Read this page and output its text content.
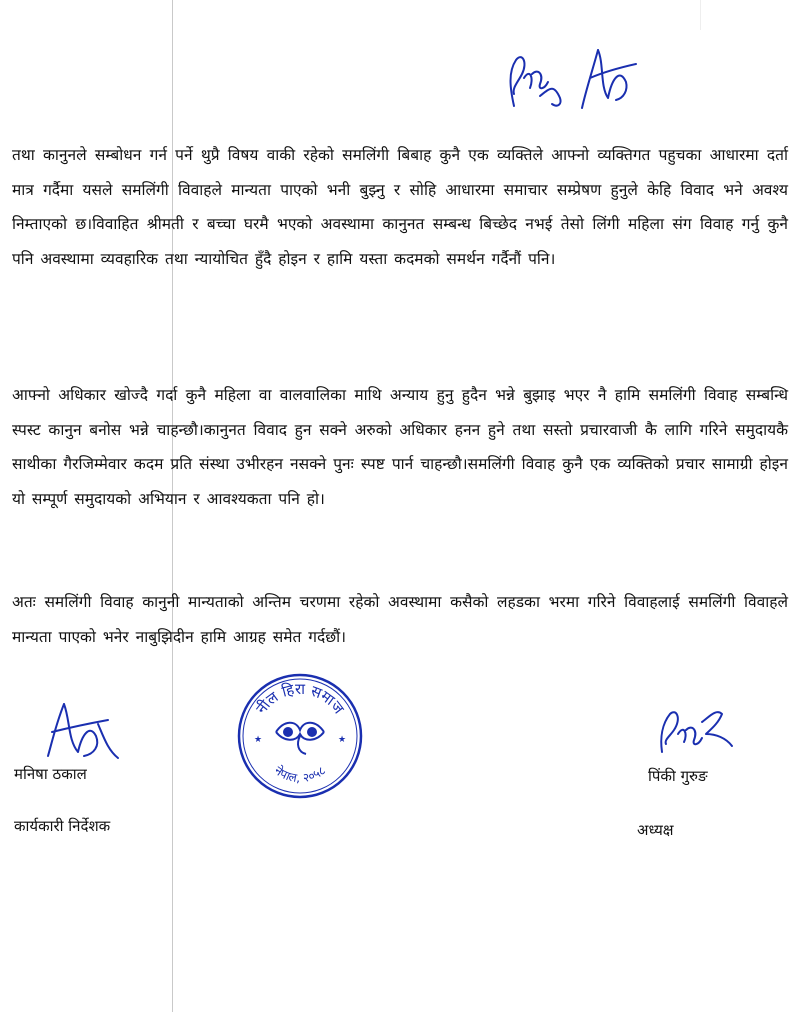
तथा कानुनले सम्बोधन गर्न पर्ने थुप्रै विषय वाकी रहेको समलिंगी बिबाह कुनै एक व्यक्तिले आफ्नो व्यक्तिगत पहुचका आधारमा दर्ता मात्र गर्दैमा यसले समलिंगी विवाहले मान्यता पाएको भनी बुझ्नु र सोहि आधारमा समाचार सम्प्रेषण हुनुले केहि विवाद भने अवश्य निम्ताएको छ।विवाहित श्रीमती र बच्चा घरमै भएको अवस्थामा कानुनत सम्बन्ध बिच्छेद नभई तेसो लिंगी महिला संग विवाह गर्नु कुनै पनि अवस्थामा व्यवहारिक तथा न्यायोचित हुँदै होइन र हामि यस्ता कदमको समर्थन गर्दैनौं पनि।

आफ्नो अधिकार खोज्दै गर्दा कुनै महिला वा वालवालिका माथि अन्याय हुनु हुदैन भन्ने बुझाइ भएर नै हामि समलिंगी विवाह सम्बन्धि स्पस्ट कानुन बनोस भन्ने चाहन्छौ।कानुनत विवाद हुन सक्ने अरुको अधिकार हनन हुने तथा सस्तो प्रचारवाजी कै लागि गरिने समुदायकै साथीका गैरजिम्मेवार कदम प्रति संस्था उभीरहन नसक्ने पुनः स्पष्ट पार्न चाहन्छौ।समलिंगी विवाह कुनै एक व्यक्तिको प्रचार सामाग्री होइन यो सम्पूर्ण समुदायको अभियान र आवश्यकता पनि हो।

अतः समलिंगी विवाह कानुनी मान्यताको अन्तिम चरणमा रहेको अवस्थामा कसैको लहडका भरमा गरिने विवाहलाई समलिंगी विवाहले मान्यता पाएको भनेर नाबुझिदीन हामि आग्रह समेत गर्दछौं।

मनिषा ठकाल
कार्यकारी निर्देशक
पिंकी गुरुङ
अध्यक्ष
नील हिरा समाज
नेपाल, २०५८
★	★
